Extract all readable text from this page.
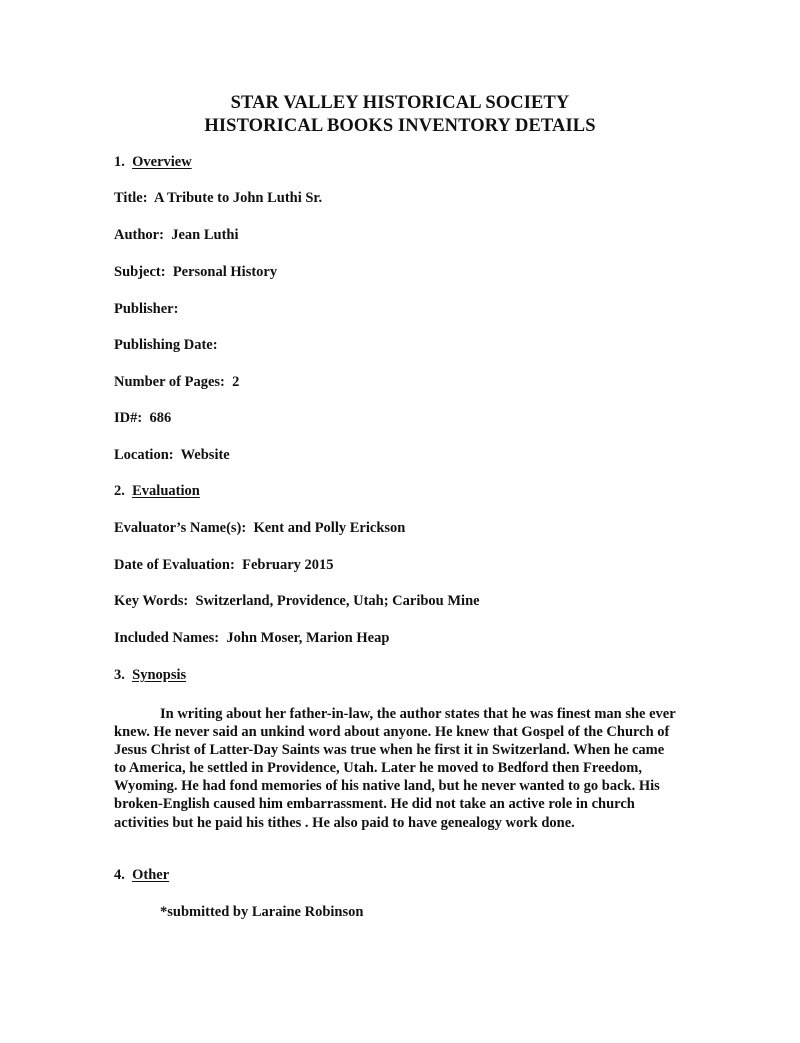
STAR VALLEY HISTORICAL SOCIETY
HISTORICAL BOOKS INVENTORY DETAILS
1. Overview
Title: A Tribute to John Luthi Sr.
Author: Jean Luthi
Subject: Personal History
Publisher:
Publishing Date:
Number of Pages: 2
ID#: 686
Location: Website
2. Evaluation
Evaluator’s Name(s): Kent and Polly Erickson
Date of Evaluation: February 2015
Key Words: Switzerland, Providence, Utah; Caribou Mine
Included Names: John Moser, Marion Heap
3. Synopsis
In writing about her father-in-law, the author states that he was finest man she ever knew. He never said an unkind word about anyone. He knew that Gospel of the Church of Jesus Christ of Latter-Day Saints was true when he first it in Switzerland. When he came to America, he settled in Providence, Utah. Later he moved to Bedford then Freedom, Wyoming. He had fond memories of his native land, but he never wanted to go back. His broken-English caused him embarrassment. He did not take an active role in church activities but he paid his tithes . He also paid to have genealogy work done.
4. Other
*submitted by Laraine Robinson
